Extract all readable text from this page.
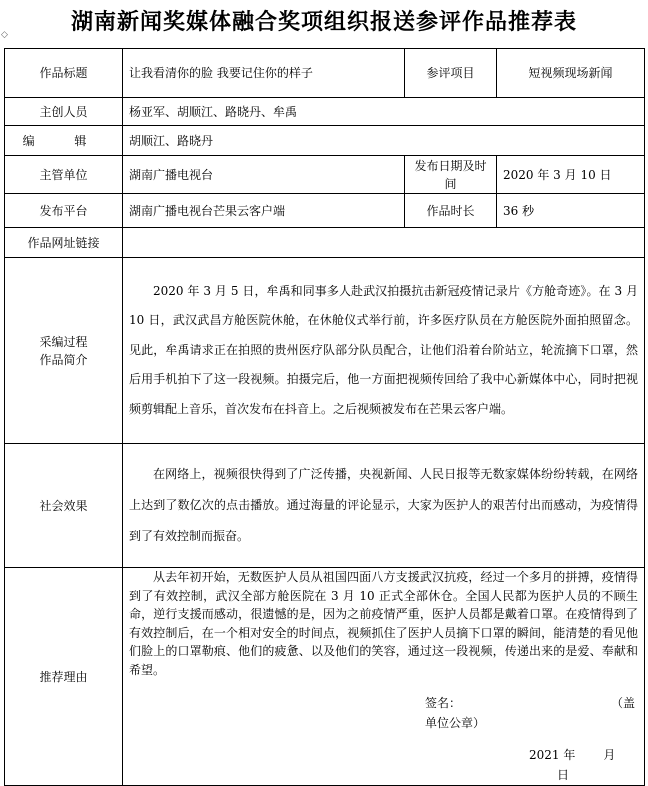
湖南新闻奖媒体融合奖项组织报送参评作品推荐表
◇
作品标题	让我看清你的脸 我要记住你的样子	参评项目	短视频现场新闻
主创人员	杨亚军、胡顺江、路晓丹、牟禹		
编 辑	胡顺江、路晓丹		
主管单位	湖南广播电视台	发布日期及时间	2020 年 3 月 10 日
发布平台	湖南广播电视台芒果云客户端	作品时长	36 秒
作品网址链接			

采编过程
作品简介	2020 年 3 月 5 日，牟禹和同事多人赴武汉拍摄抗击新冠疫情记录片《方舱奇迹》。在 3 月 10 日，武汉武昌方舱医院休舱，在休舱仪式举行前，许多医疗队员在方舱医院外面拍照留念。见此，牟禹请求正在拍照的贵州医疗队部分队员配合，让他们沿着台阶站立，轮流摘下口罩，然后用手机拍下了这一段视频。拍摄完后，他一方面把视频传回给了我中心新媒体中心，同时把视频剪辑配上音乐，首次发布在抖音上。之后视频被发布在芒果云客户端。		

社会效果	在网络上，视频很快得到了广泛传播，央视新闻、人民日报等无数家媒体纷纷转载，在网络上达到了数亿次的点击播放。通过海量的评论显示，大家为医护人的艰苦付出而感动，为疫情得到了有效控制而振奋。		

推荐理由	从去年初开始，无数医护人员从祖国四面八方支援武汉抗疫，经过一个多月的拼搏，疫情得到了有效控制，武汉全部方舱医院在 3 月 10 正式全部休仓。全国人民都为医护人员的不顾生命，逆行支援而感动，很遗憾的是，因为之前疫情严重，医护人员都是戴着口罩。在疫情得到了有效控制后，在一个相对安全的时间点，视频抓住了医护人员摘下口罩的瞬间，能清楚的看见他们脸上的口罩勒痕、他们的疲惫、以及他们的笑容，通过这一段视频，传递出来的是爱、奉献和希望。
签名： （盖单位公章）
2021 年 月日		
